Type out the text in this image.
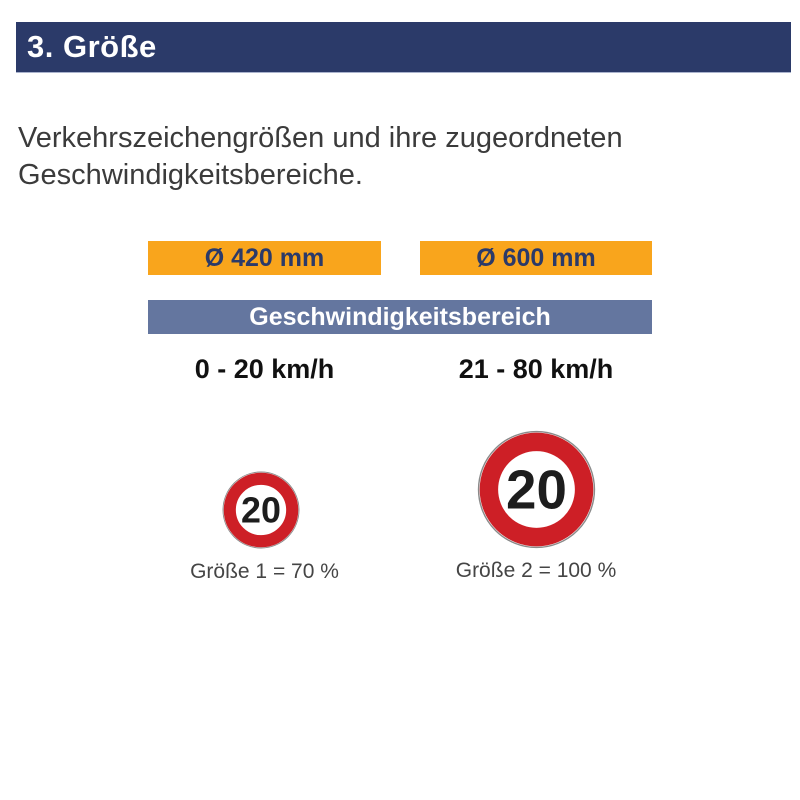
3. Größe
Verkehrszeichengrößen und ihre zugeordneten
Geschwindigkeitsbereiche.
Ø 420 mm	Ø 600 mm
Geschwindigkeitsbereich
0 - 20 km/h	21 - 80 km/h
20	20
Größe 1 = 70 %	Größe 2 = 100 %
